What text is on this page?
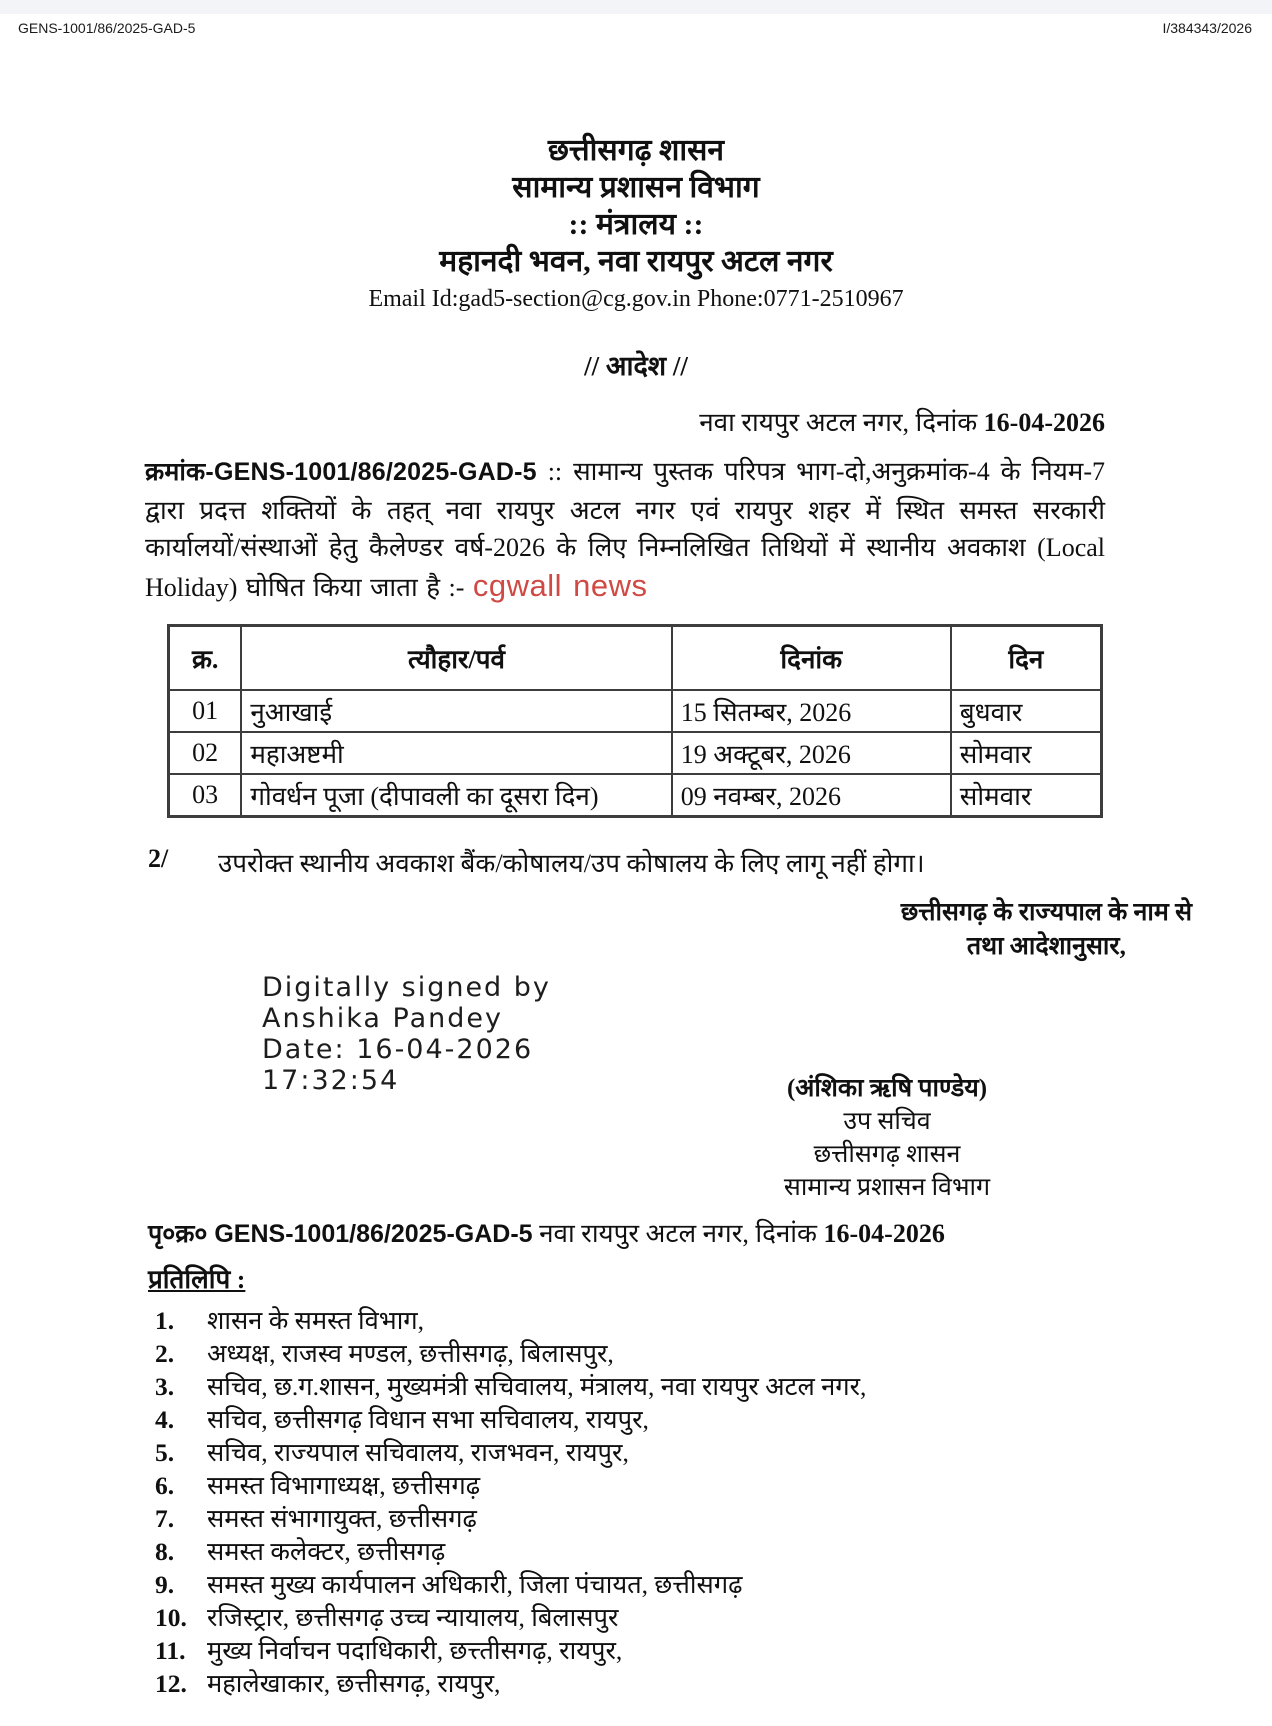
GENS-1001/86/2025-GAD-5	I/384343/2026
छत्तीसगढ़ शासन
सामान्य प्रशासन विभाग
:: मंत्रालय ::
महानदी भवन, नवा रायपुर अटल नगर
Email Id:gad5-section@cg.gov.in Phone:0771-2510967
// आदेश //
नवा रायपुर अटल नगर, दिनांक 16-04-2026
क्रमांक-GENS-1001/86/2025-GAD-5 :: सामान्य पुस्तक परिपत्र भाग-दो,अनुक्रमांक-4 के नियम-7 द्वारा प्रदत्त शक्तियों के तहत् नवा रायपुर अटल नगर एवं रायपुर शहर में स्थित समस्त सरकारी कार्यालयों/संस्थाओं हेतु कैलेण्डर वर्ष-2026 के लिए निम्नलिखित तिथियों में स्थानीय अवकाश (Local Holiday) घोषित किया जाता है :- cgwall news
क्र.	त्यौहार/पर्व	दिनांक	दिन
01	नुआखाई	15 सितम्बर, 2026	बुधवार
02	महाअष्टमी	19 अक्टूबर, 2026	सोमवार
03	गोवर्धन पूजा (दीपावली का दूसरा दिन)	09 नवम्बर, 2026	सोमवार
2/	उपरोक्त स्थानीय अवकाश बैंक/कोषालय/उप कोषालय के लिए लागू नहीं होगा।
छत्तीसगढ़ के राज्यपाल के नाम से
तथा आदेशानुसार,
Digitally signed by
Anshika Pandey
Date: 16-04-2026
17:32:54	(अंशिका ऋषि पाण्डेय)
उप सचिव
छत्तीसगढ़ शासन
सामान्य प्रशासन विभाग
पृ०क्र० GENS-1001/86/2025-GAD-5 नवा रायपुर अटल नगर, दिनांक 16-04-2026
प्रतिलिपि :
1.	शासन के समस्त विभाग,
2.	अध्यक्ष, राजस्व मण्डल, छत्तीसगढ़, बिलासपुर,
3.	सचिव, छ.ग.शासन, मुख्यमंत्री सचिवालय, मंत्रालय, नवा रायपुर अटल नगर,
4.	सचिव, छत्तीसगढ़ विधान सभा सचिवालय, रायपुर,
5.	सचिव, राज्यपाल सचिवालय, राजभवन, रायपुर,
6.	समस्त विभागाध्यक्ष, छत्तीसगढ़
7.	समस्त संभागायुक्त, छत्तीसगढ़
8.	समस्त कलेक्टर, छत्तीसगढ़
9.	समस्त मुख्य कार्यपालन अधिकारी, जिला पंचायत, छत्तीसगढ़
10. रजिस्ट्रार, छत्तीसगढ़ उच्च न्यायालय, बिलासपुर
11. मुख्य निर्वाचन पदाधिकारी, छत्त्तीसगढ़, रायपुर,
12. महालेखाकार, छत्तीसगढ़, रायपुर,
